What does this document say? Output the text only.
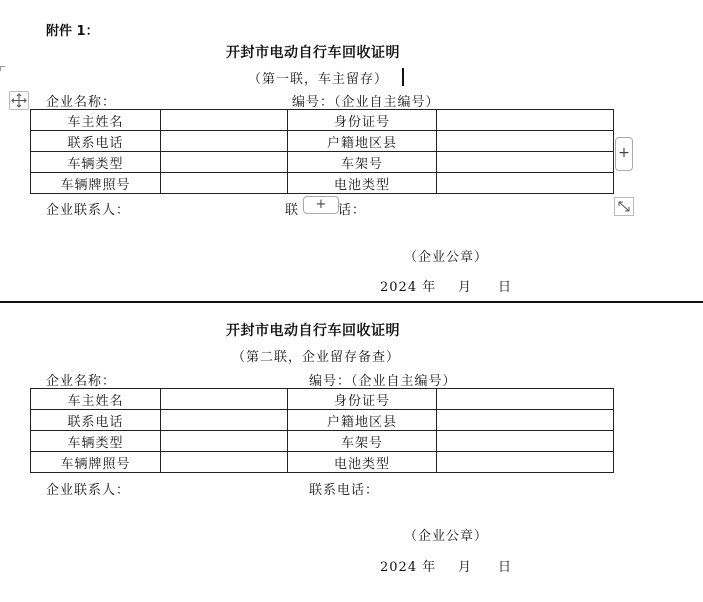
附件 1：
开封市电动自行车回收证明
（第一联，车主留存）
企业名称：	编号：（企业自主编号）
车主姓名		身份证号	
联系电话		户籍地区县	
车辆类型		车架号	
车辆牌照号		电池类型	
+
企业联系人：	联	+ 话：
（企业公章）
2024 年 月 日
开封市电动自行车回收证明
（第二联，企业留存备查）
企业名称：	编号：（企业自主编号）
车主姓名		身份证号	
联系电话		户籍地区县	
车辆类型		车架号	
车辆牌照号		电池类型	
企业联系人：	联系电话：
（企业公章）
2024 年 月 日
